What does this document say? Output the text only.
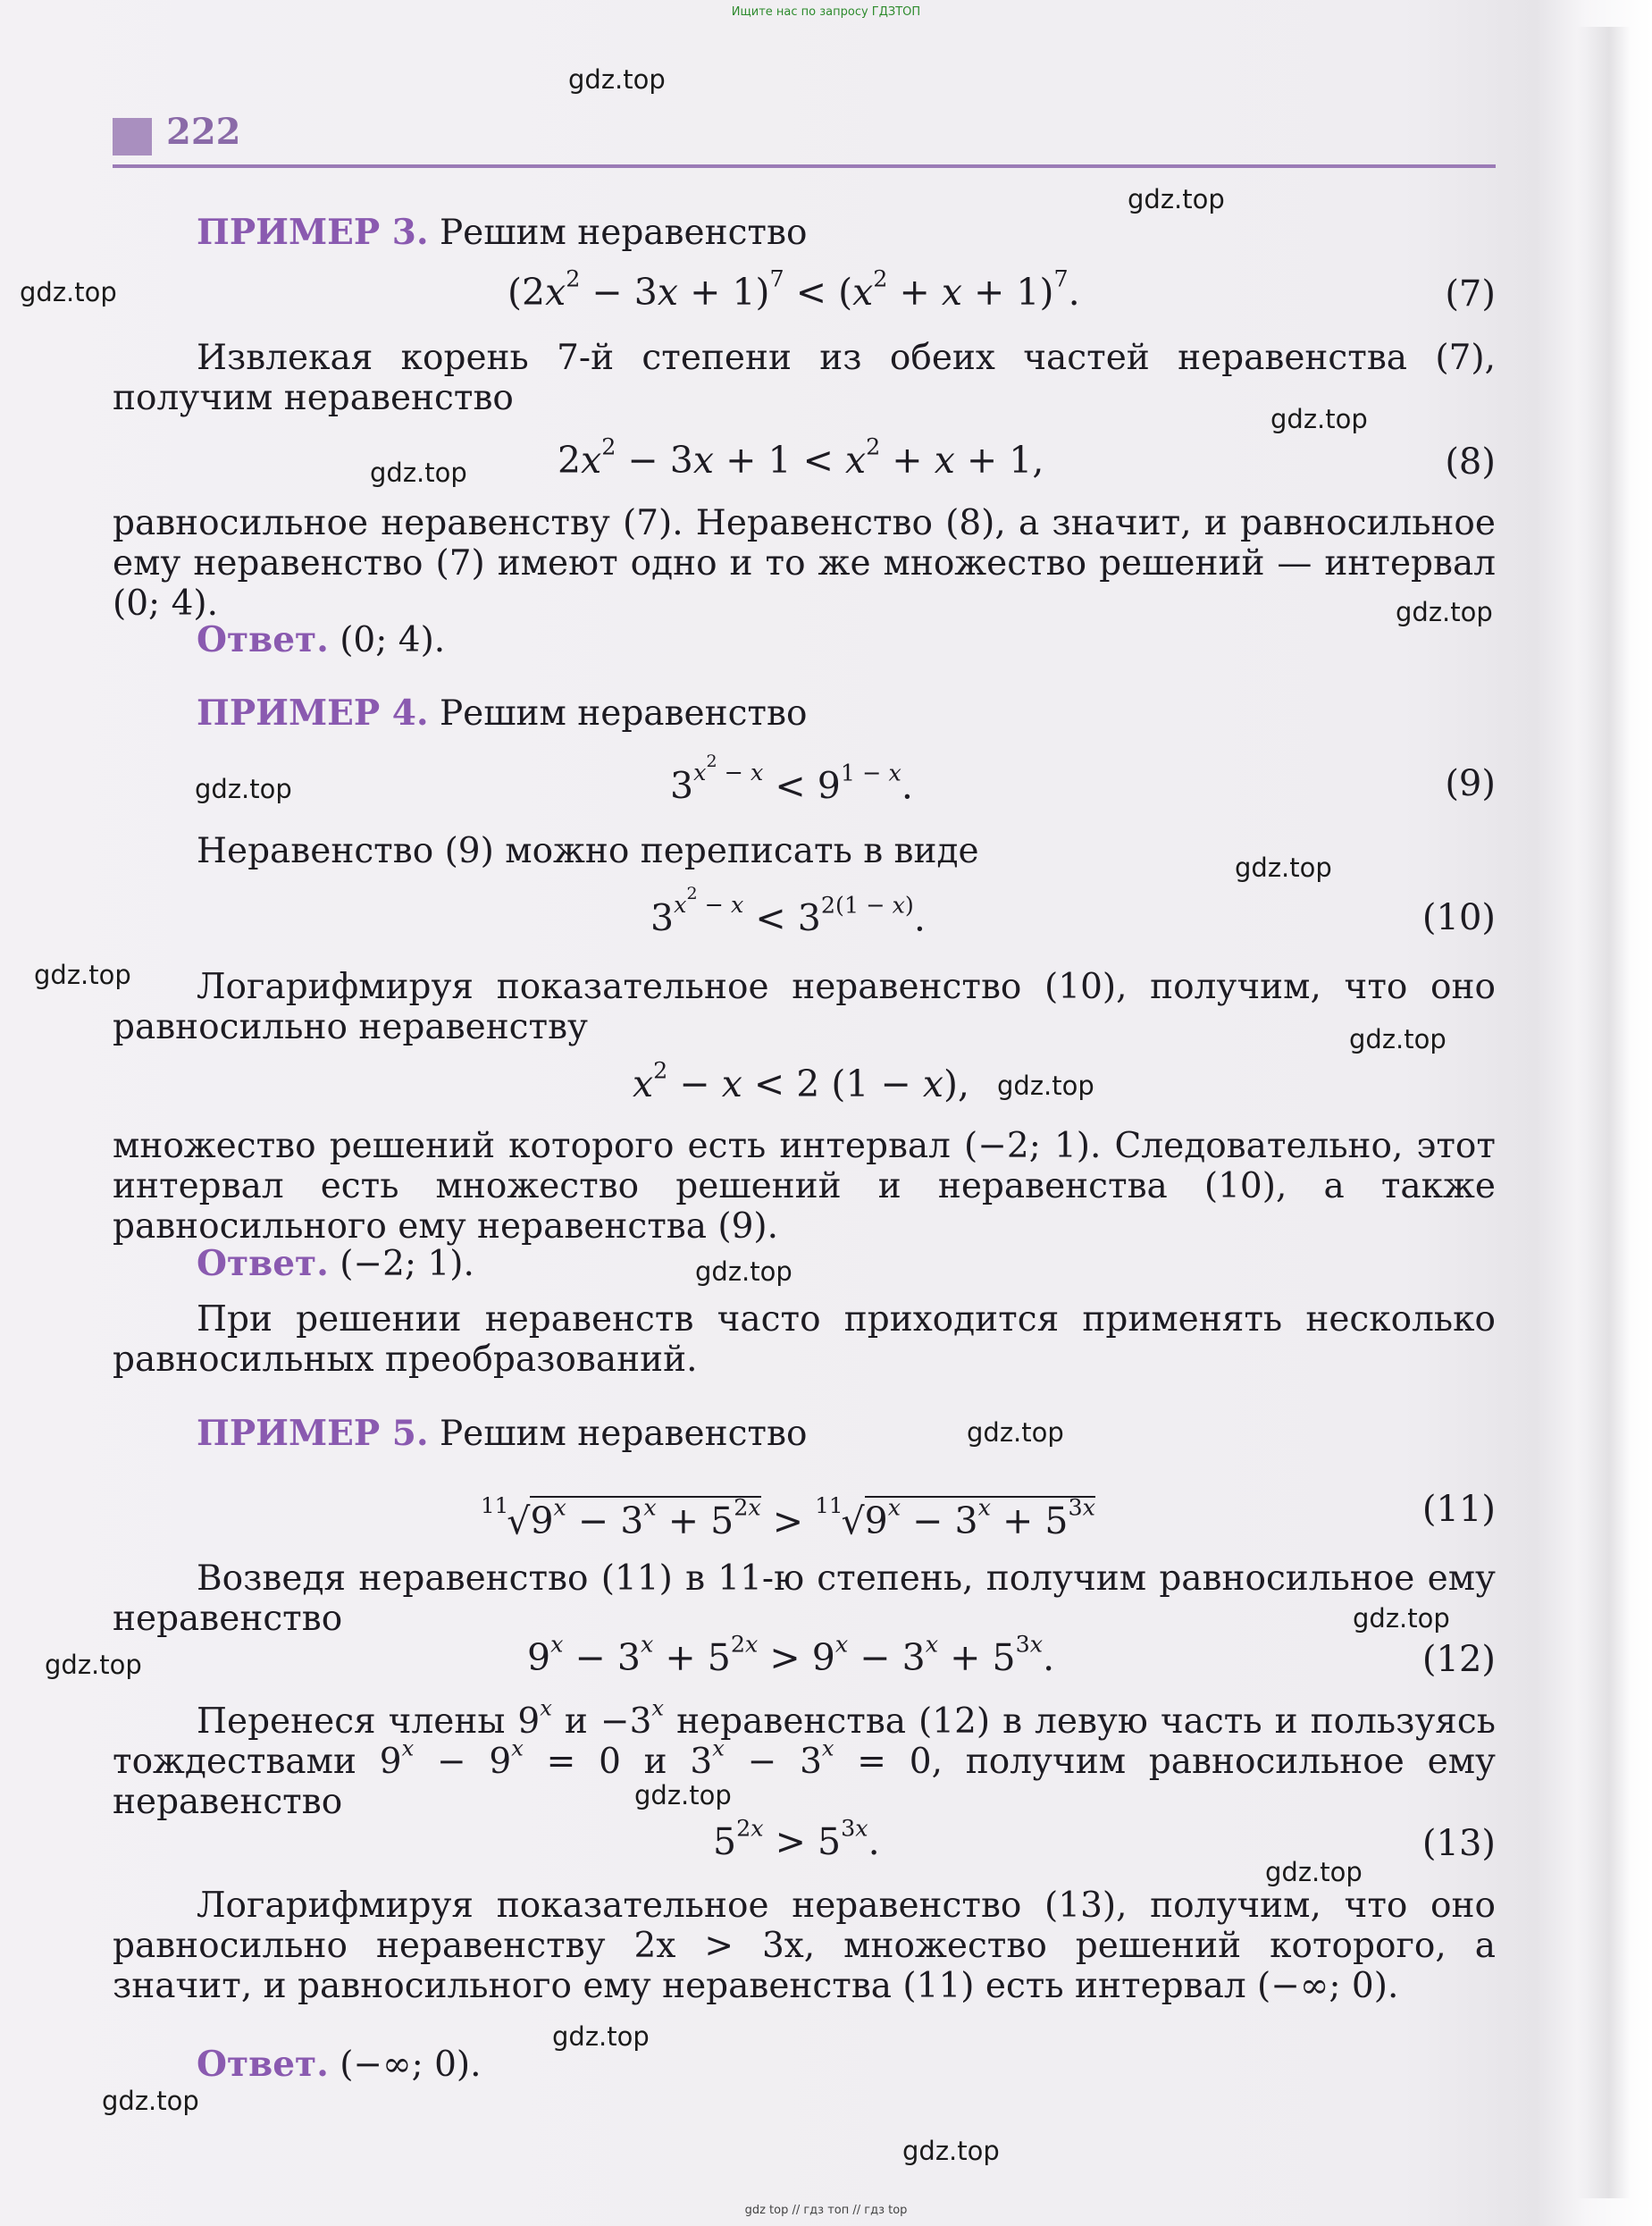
Ищите нас по запросу ГДЗТОП
222
ПРИМЕР 3. Решим неравенство
$(2x^2 - 3x + 1)^7 < (x^2 + x + 1)^7$.	(7)
Извлекая корень 7-й степени из обеих частей неравенства (7), получим неравенство
$2x^2 - 3x + 1 < x^2 + x + 1$,	(8)
равносильное неравенству (7). Неравенство (8), а значит, и равносильное ему неравенство (7) имеют одно и то же множество решений — интервал (0; 4).
Ответ. (0; 4).
ПРИМЕР 4. Решим неравенство
$3^{x^2 - x} < 9^{1 - x}$.	(9)
Неравенство (9) можно переписать в виде
$3^{x^2 - x} < 3^{2(1 - x)}$.	(10)
Логарифмируя показательное неравенство (10), получим, что оно равносильно неравенству
$x^2 - x < 2$ (1 − x),
множество решений которого есть интервал (−2; 1). Следовательно, этот интервал есть множество решений и неравенства (10), а также равносильного ему неравенства (9).
Ответ. (−2; 1).
При решении неравенств часто приходится применять несколько равносильных преобразований.
ПРИМЕР 5. Решим неравенство
$^{11}√9^x - 3^x + 5^{2x} > ^{11}√9^x - 3^x + 5^{3x}$	(11)
Возведя неравенство (11) в 11-ю степень, получим равносильное ему неравенство
$9^x - 3^x + 5^{2x} > 9^x - 3^x + 5^{3x}$.	(12)
Перенеся члены 9$^x$ $и -3^x$ неравенства (12) в левую часть и пользуясь тождествами $9^x - 9^x = 0$ и $3^x - 3^x = 0$, получим равносильное ему неравенство
$5^{2x} > 5^{3x}$.	(13)
Логарифмируя показательное неравенство (13), получим, что оно равносильно неравенству 2x > 3x, множество решений которого, а значит, и равносильного ему неравенства (11) есть интервал (−∞; 0).
Ответ. (−∞; 0).
gdz.top
gdz.top
gdz.top
gdz.top
gdz.top
gdz.top
gdz.top
gdz.top
gdz.top
gdz.top
gdz.top
gdz.top
gdz.top
gdz.top
gdz.top
gdz.top
gdz.top
gdz.top
gdz.top
gdz.top
gdz top // гдз топ // гдз top
